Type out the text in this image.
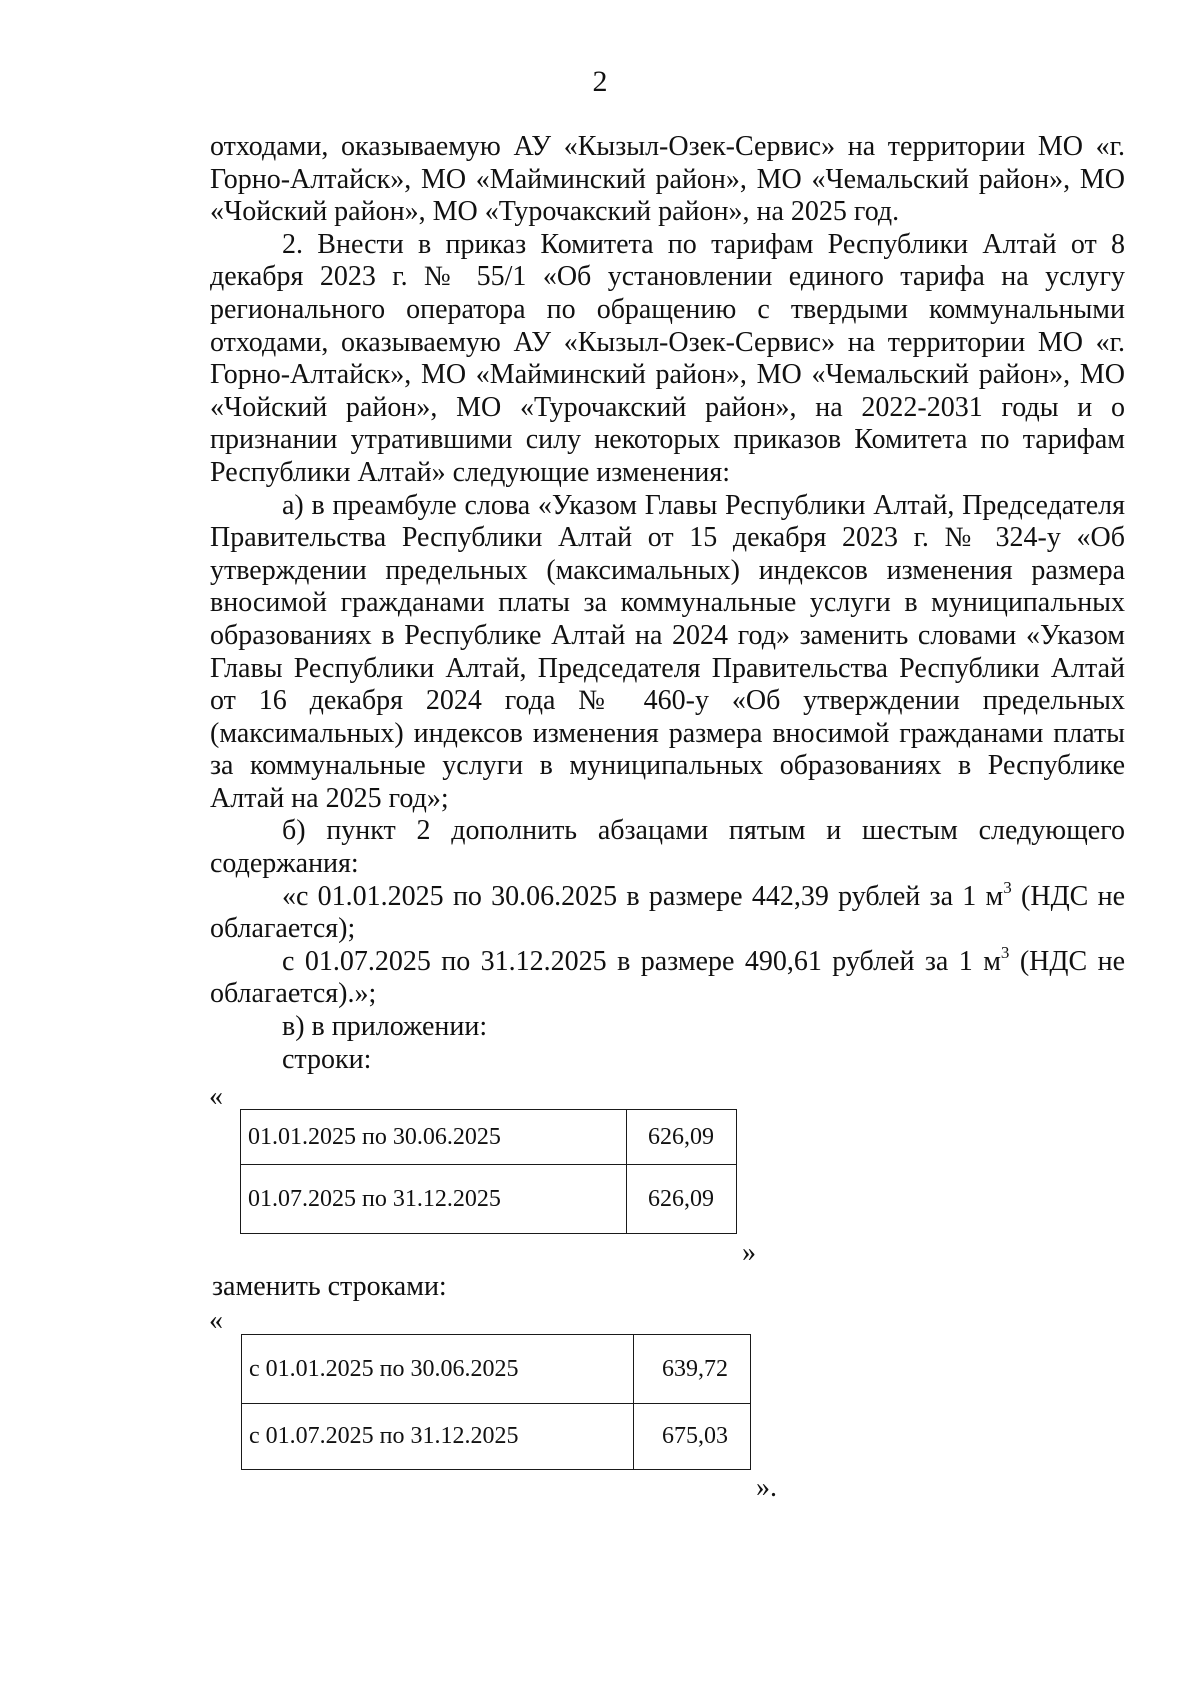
2

отходами, оказываемую АУ «Кызыл-Озек-Сервис» на территории МО «г. Горно-Алтайск», МО «Майминский район», МО «Чемальский район», МО «Чойский район», МО «Турочакский район», на 2025 год.

2. Внести в приказ Комитета по тарифам Республики Алтай от 8 декабря 2023 г. № 55/1 «Об установлении единого тарифа на услугу регионального оператора по обращению с твердыми коммунальными отходами, оказываемую АУ «Кызыл-Озек-Сервис» на территории МО «г. Горно-Алтайск», МО «Майминский район», МО «Чемальский район», МО «Чойский район», МО «Турочакский район», на 2022-2031 годы и о признании утратившими силу некоторых приказов Комитета по тарифам Республики Алтай» следующие изменения:

а) в преамбуле слова «Указом Главы Республики Алтай, Председателя Правительства Республики Алтай от 15 декабря 2023 г. № 324-у «Об утверждении предельных (максимальных) индексов изменения размера вносимой гражданами платы за коммунальные услуги в муниципальных образованиях в Республике Алтай на 2024 год» заменить словами «Указом Главы Республики Алтай, Председателя Правительства Республики Алтай от 16 декабря 2024 года № 460-у «Об утверждении предельных (максимальных) индексов изменения размера вносимой гражданами платы за коммунальные услуги в муниципальных образованиях в Республике Алтай на 2025 год»;

б) пункт 2 дополнить абзацами пятым и шестым следующего содержания:

«с 01.01.2025 по 30.06.2025 в размере 442,39 рублей за 1 $м^3$ (НДС не облагается);

с 01.07.2025 по 31.12.2025 в размере 490,61 рублей за 1 $м^3$ (НДС не облагается).»;

в) в приложении:

строки:

«
01.01.2025 по 30.06.2025	626,09
01.07.2025 по 31.12.2025	626,09
»
заменить строками:
«
с 01.01.2025 по 30.06.2025	639,72
с 01.07.2025 по 31.12.2025	675,03
».
